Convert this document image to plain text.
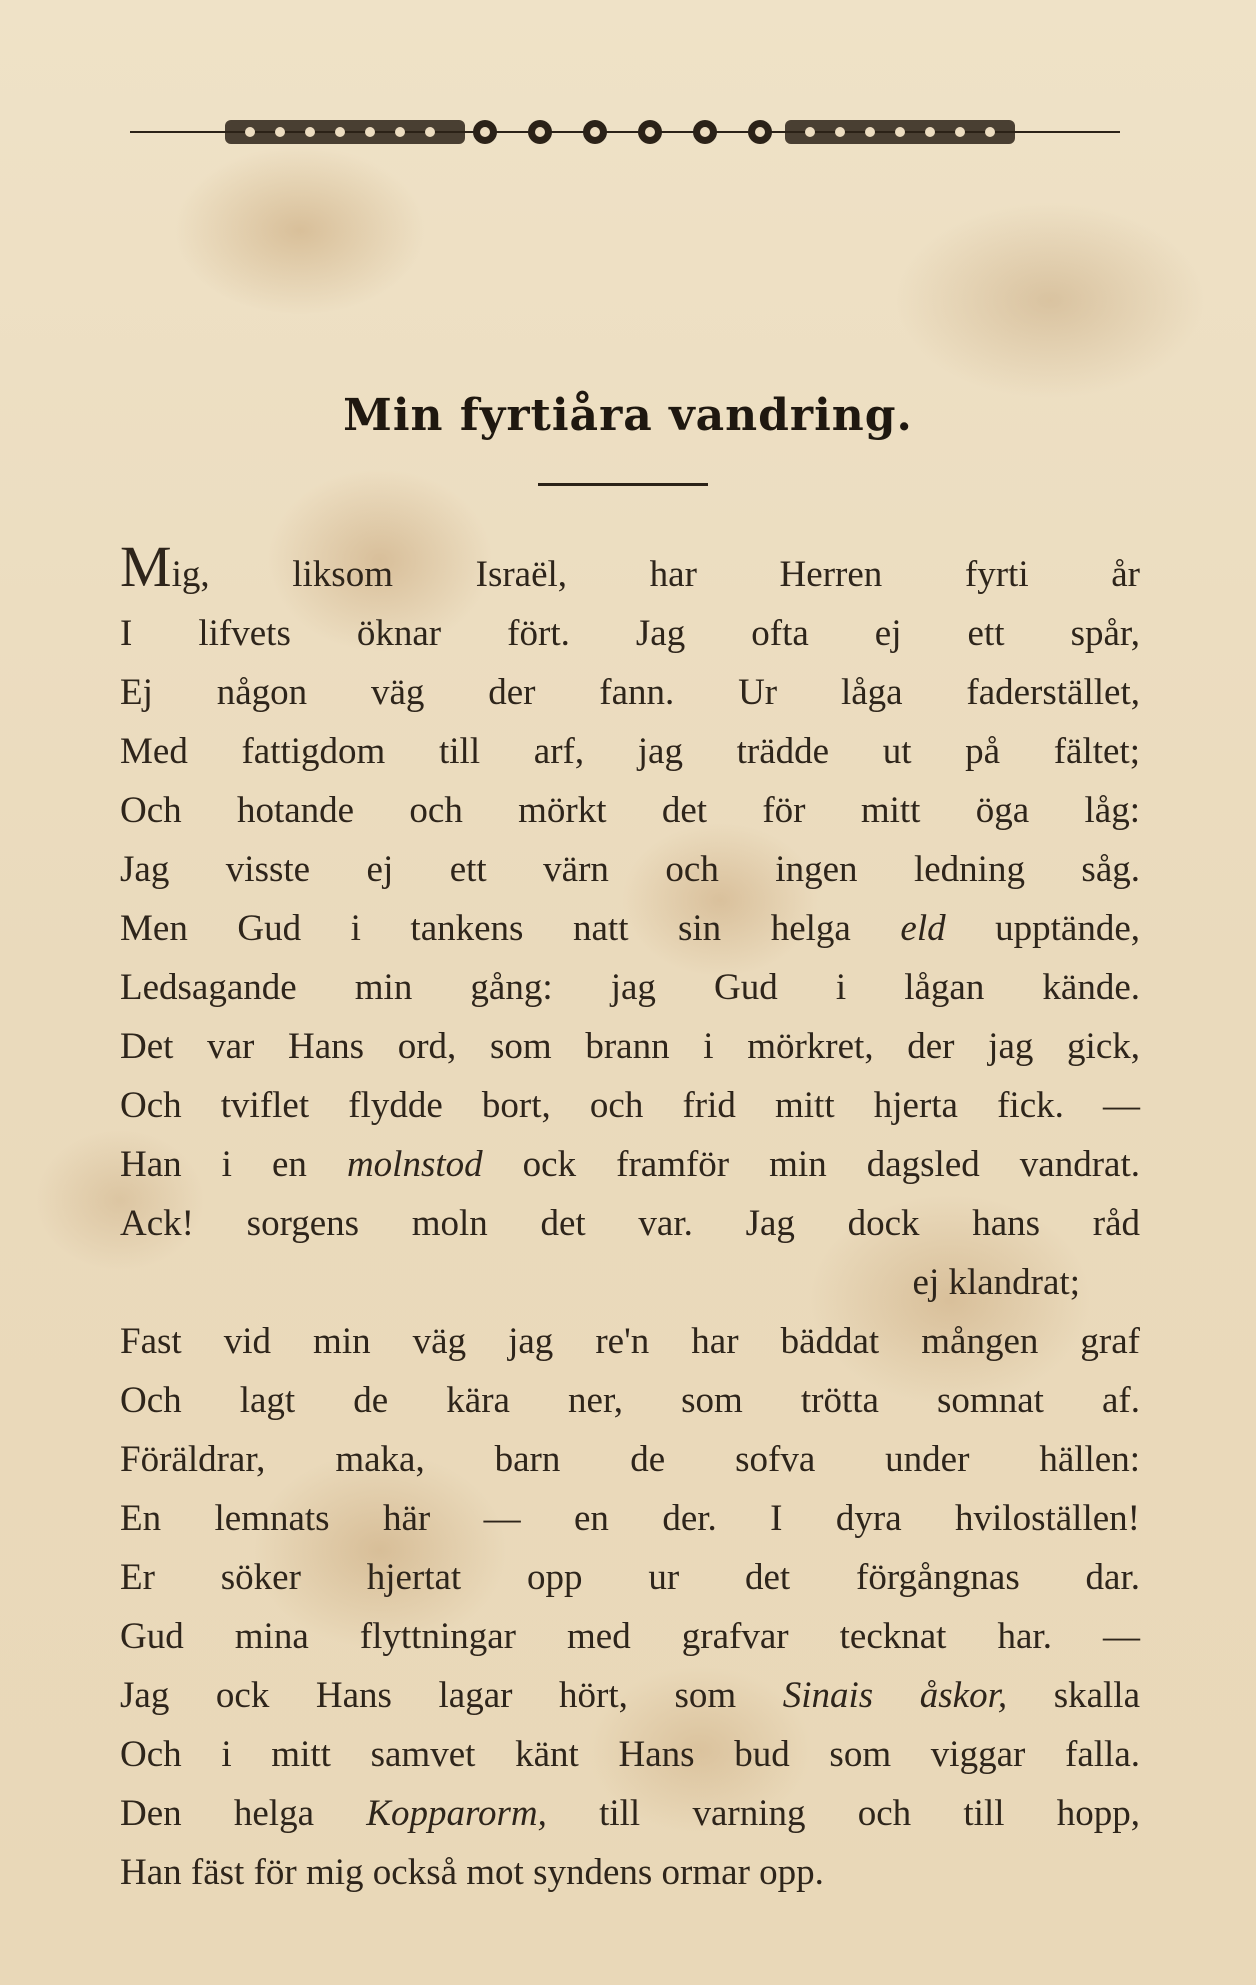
Min fyrtiåra vandring.
Mig, liksom Israël, har Herren fyrti år
I lifvets öknar fört. Jag ofta ej ett spår,
Ej någon väg der fann. Ur låga faderstället,
Med fattigdom till arf, jag trädde ut på fältet;
Och hotande och mörkt det för mitt öga låg:
Jag visste ej ett värn och ingen ledning såg.
Men Gud i tankens natt sin helga eld upptände,
Ledsagande min gång: jag Gud i lågan kände.
Det var Hans ord, som brann i mörkret, der jag gick,
Och tviflet flydde bort, och frid mitt hjerta fick. —
Han i en molnstod ock framför min dagsled vandrat.
Ack! sorgens moln det var. Jag dock hans råd
ej klandrat;
Fast vid min väg jag re'n har bäddat mången graf
Och lagt de kära ner, som trötta somnat af.
Föräldrar, maka, barn de sofva under hällen:
En lemnats här — en der. I dyra hviloställen!
Er söker hjertat opp ur det förgångnas dar.
Gud mina flyttningar med grafvar tecknat har. —
Jag ock Hans lagar hört, som Sinais åskor, skalla
Och i mitt samvet känt Hans bud som viggar falla.
Den helga Kopparorm, till varning och till hopp,
Han fäst för mig också mot syndens ormar opp.
